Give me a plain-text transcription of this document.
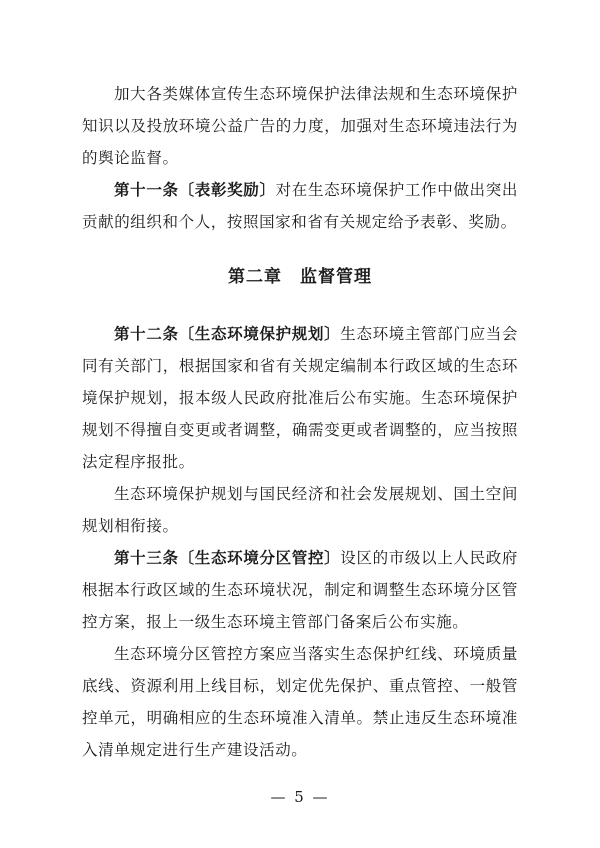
加大各类媒体宣传生态环境保护法律法规和生态环境保护知识以及投放环境公益广告的力度，加强对生态环境违法行为的舆论监督。

第十一条〔表彰奖励〕对在生态环境保护工作中做出突出贡献的组织和个人，按照国家和省有关规定给予表彰、奖励。

第二章　监督管理

第十二条〔生态环境保护规划〕生态环境主管部门应当会同有关部门，根据国家和省有关规定编制本行政区域的生态环境保护规划，报本级人民政府批准后公布实施。生态环境保护规划不得擅自变更或者调整，确需变更或者调整的，应当按照法定程序报批。

生态环境保护规划与国民经济和社会发展规划、国土空间规划相衔接。

第十三条〔生态环境分区管控〕设区的市级以上人民政府根据本行政区域的生态环境状况，制定和调整生态环境分区管控方案，报上一级生态环境主管部门备案后公布实施。

生态环境分区管控方案应当落实生态保护红线、环境质量底线、资源利用上线目标，划定优先保护、重点管控、一般管控单元，明确相应的生态环境准入清单。禁止违反生态环境准入清单规定进行生产建设活动。

— 5 —
